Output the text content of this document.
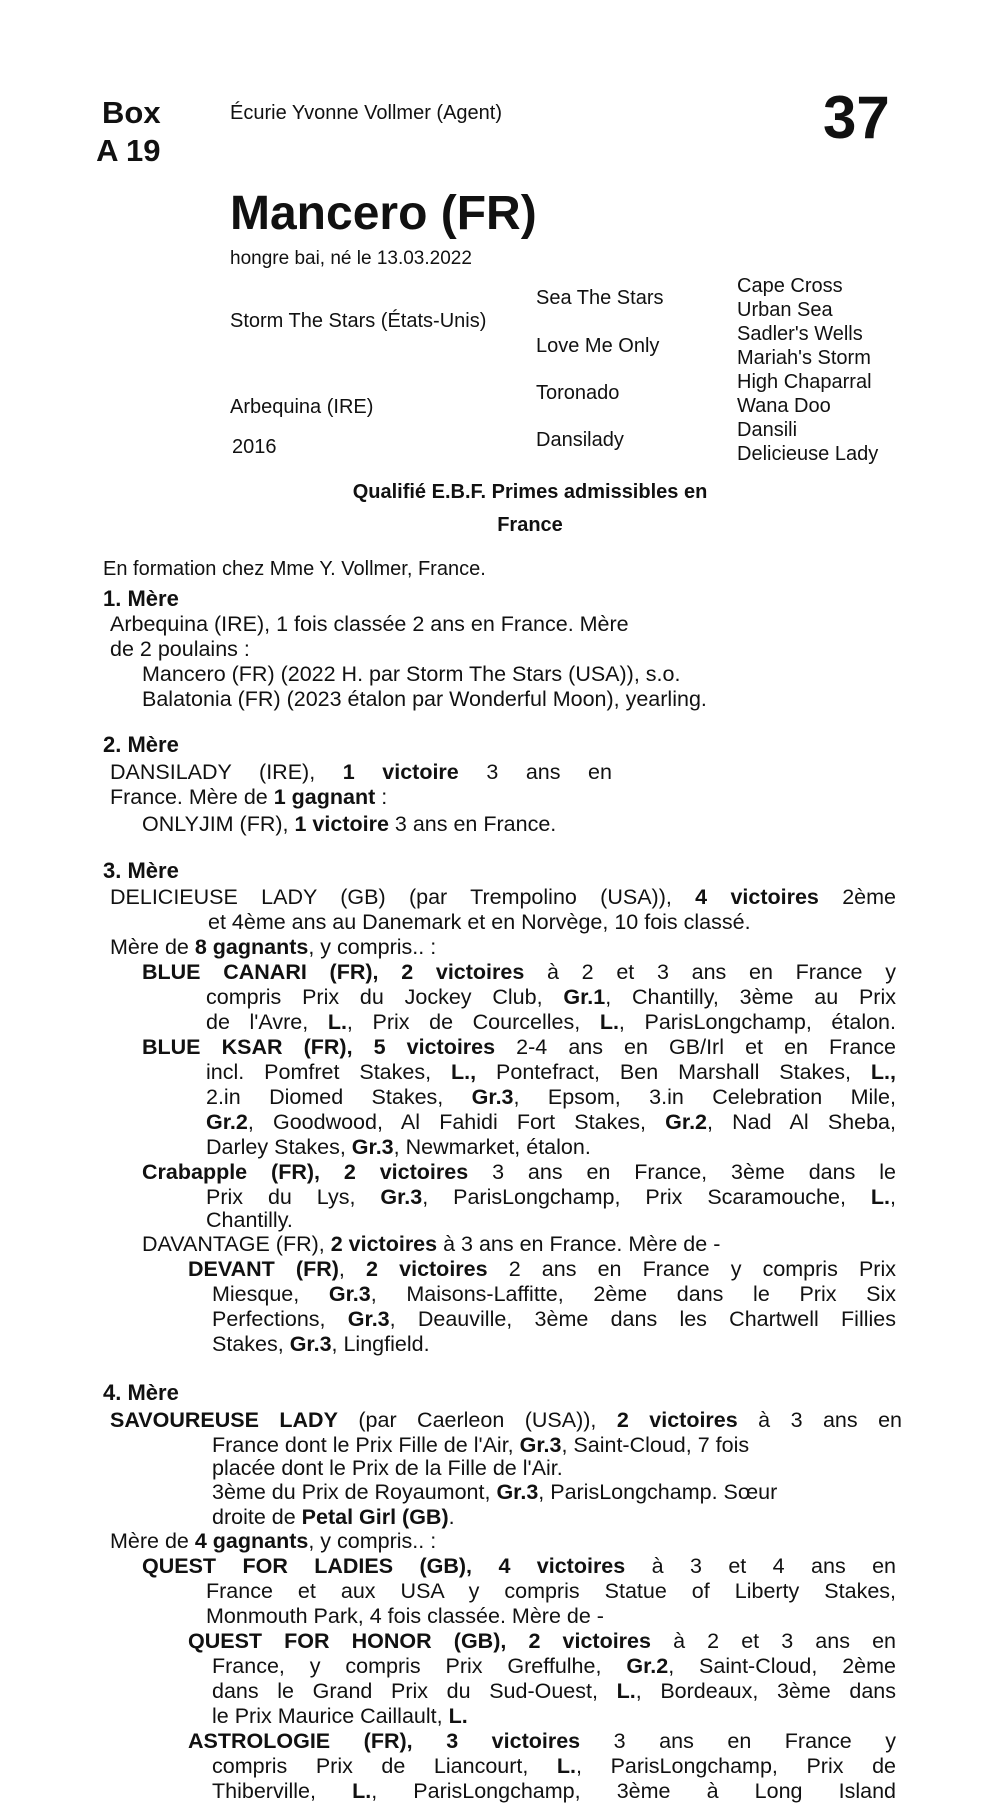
Box
A 19
Écurie Yvonne Vollmer (Agent)	37
Mancero (FR)
hongre bai, né le 13.03.2022
Storm The Stars (États-Unis)
Arbequina (IRE)
2016
Sea The Stars
Love Me Only
Toronado
Dansilady
Cape Cross
Urban Sea
Sadler's Wells
Mariah's Storm
High Chaparral
Wana Doo
Dansili
Delicieuse Lady
Qualifié E.B.F. Primes admissibles en France
En formation chez Mme Y. Vollmer, France.
1. Mère
Arbequina (IRE), 1 fois classée 2 ans en France. Mère
de 2 poulains :
Mancero (FR) (2022 H. par Storm The Stars (USA)), s.o.
Balatonia (FR) (2023 étalon par Wonderful Moon), yearling.
2. Mère
DANSILADY (IRE), 1 victoire 3 ans en
France. Mère de 1 gagnant :
ONLYJIM (FR), 1 victoire 3 ans en France.
3. Mère
DELICIEUSE LADY (GB) (par Trempolino (USA)), 4 victoires 2ème
et 4ème ans au Danemark et en Norvège, 10 fois classé.
Mère de 8 gagnants, y compris.. :
BLUE CANARI (FR), 2 victoires à 2 et 3 ans en France y
compris Prix du Jockey Club, Gr.1, Chantilly, 3ème au Prix
de l'Avre, L., Prix de Courcelles, L., ParisLongchamp, étalon.
BLUE KSAR (FR), 5 victoires 2-4 ans en GB/Irl et en France
incl. Pomfret Stakes, L., Pontefract, Ben Marshall Stakes, L.,
2.in Diomed Stakes, Gr.3, Epsom, 3.in Celebration Mile,
Gr.2, Goodwood, Al Fahidi Fort Stakes, Gr.2, Nad Al Sheba,
Darley Stakes, Gr.3, Newmarket, étalon.
Crabapple (FR), 2 victoires 3 ans en France, 3ème dans le
Prix du Lys, Gr.3, ParisLongchamp, Prix Scaramouche, L.,
Chantilly.
DAVANTAGE (FR), 2 victoires à 3 ans en France. Mère de -
DEVANT (FR), 2 victoires 2 ans en France y compris Prix
Miesque, Gr.3, Maisons-Laffitte, 2ème dans le Prix Six
Perfections, Gr.3, Deauville, 3ème dans les Chartwell Fillies
Stakes, Gr.3, Lingfield.
4. Mère
SAVOUREUSE LADY (par Caerleon (USA)), 2 victoires à 3 ans en
France dont le Prix Fille de l'Air, Gr.3, Saint-Cloud, 7 fois
placée dont le Prix de la Fille de l'Air.
3ème du Prix de Royaumont, Gr.3, ParisLongchamp. Sœur
droite de Petal Girl (GB).
Mère de 4 gagnants, y compris.. :
QUEST FOR LADIES (GB), 4 victoires à 3 et 4 ans en
France et aux USA y compris Statue of Liberty Stakes,
Monmouth Park, 4 fois classée. Mère de -
QUEST FOR HONOR (GB), 2 victoires à 2 et 3 ans en
France, y compris Prix Greffulhe, Gr.2, Saint-Cloud, 2ème
dans le Grand Prix du Sud-Ouest, L., Bordeaux, 3ème dans
le Prix Maurice Caillault, L.
ASTROLOGIE (FR), 3 victoires 3 ans en France y
compris Prix de Liancourt, L., ParisLongchamp, Prix de
Thiberville, L., ParisLongchamp, 3ème à Long Island
